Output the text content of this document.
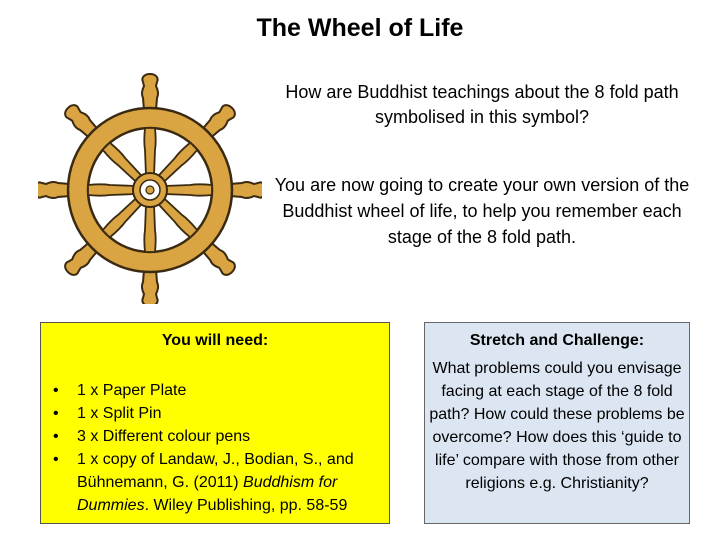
The Wheel of Life
How are Buddhist teachings about the 8 fold path symbolised in this symbol?
You are now going to create your own version of the Buddhist wheel of life, to help you remember each stage of the 8 fold path.
You will need:
• 1 x Paper Plate
• 1 x Split Pin
• 3 x Different colour pens
• 1 x copy of Landaw, J., Bodian, S., and Bühnemann, G. (2011) Buddhism for Dummies. Wiley Publishing, pp. 58-59
Stretch and Challenge:
What problems could you envisage facing at each stage of the 8 fold path? How could these problems be overcome? How does this ‘guide to life’ compare with those from other religions e.g. Christianity?
